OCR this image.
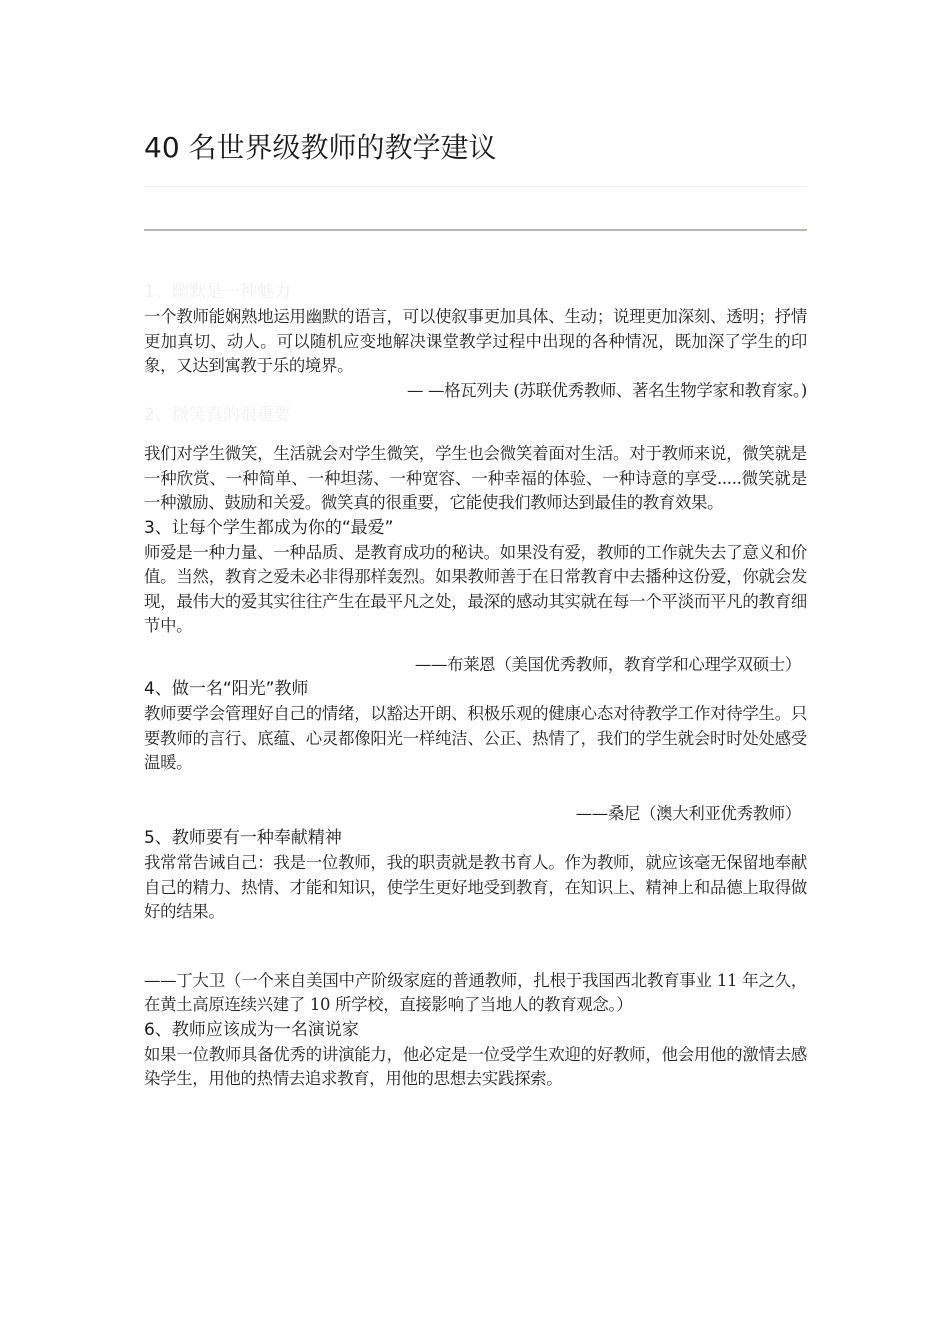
40 名世界级教师的教学建议

1、幽默是一种魅力

一个教师能娴熟地运用幽默的语言，可以使叙事更加具体、生动；说理更加深刻、透明；抒情更加真切、动人。可以随机应变地解决课堂教学过程中出现的各种情况，既加深了学生的印象，又达到寓教于乐的境界。

— —格瓦列夫 (苏联优秀教师、著名生物学家和教育家。)

2、微笑真的很重要

我们对学生微笑，生活就会对学生微笑，学生也会微笑着面对生活。对于教师来说，微笑就是一种欣赏、一种简单、一种坦荡、一种宽容、一种幸福的体验、一种诗意的享受.....微笑就是一种激励、鼓励和关爱。微笑真的很重要，它能使我们教师达到最佳的教育效果。

3、让每个学生都成为你的“最爱”

师爱是一种力量、一种品质、是教育成功的秘诀。如果没有爱，教师的工作就失去了意义和价值。当然，教育之爱未必非得那样轰烈。如果教师善于在日常教育中去播种这份爱，你就会发现，最伟大的爱其实往往产生在最平凡之处，最深的感动其实就在每一个平淡而平凡的教育细节中。

——布莱恩（美国优秀教师，教育学和心理学双硕士）

4、做一名“阳光”教师

教师要学会管理好自己的情绪，以豁达开朗、积极乐观的健康心态对待教学工作对待学生。只要教师的言行、底蕴、心灵都像阳光一样纯洁、公正、热情了，我们的学生就会时时处处感受温暖。

——桑尼（澳大利亚优秀教师）

5、教师要有一种奉献精神

我常常告诫自己：我是一位教师，我的职责就是教书育人。作为教师，就应该毫无保留地奉献自己的精力、热情、才能和知识，使学生更好地受到教育，在知识上、精神上和品德上取得做好的结果。

——丁大卫（一个来自美国中产阶级家庭的普通教师，扎根于我国西北教育事业 11 年之久，在黄土高原连续兴建了 10 所学校，直接影响了当地人的教育观念。）

6、教师应该成为一名演说家

如果一位教师具备优秀的讲演能力，他必定是一位受学生欢迎的好教师，他会用他的激情去感染学生，用他的热情去追求教育，用他的思想去实践探索。
